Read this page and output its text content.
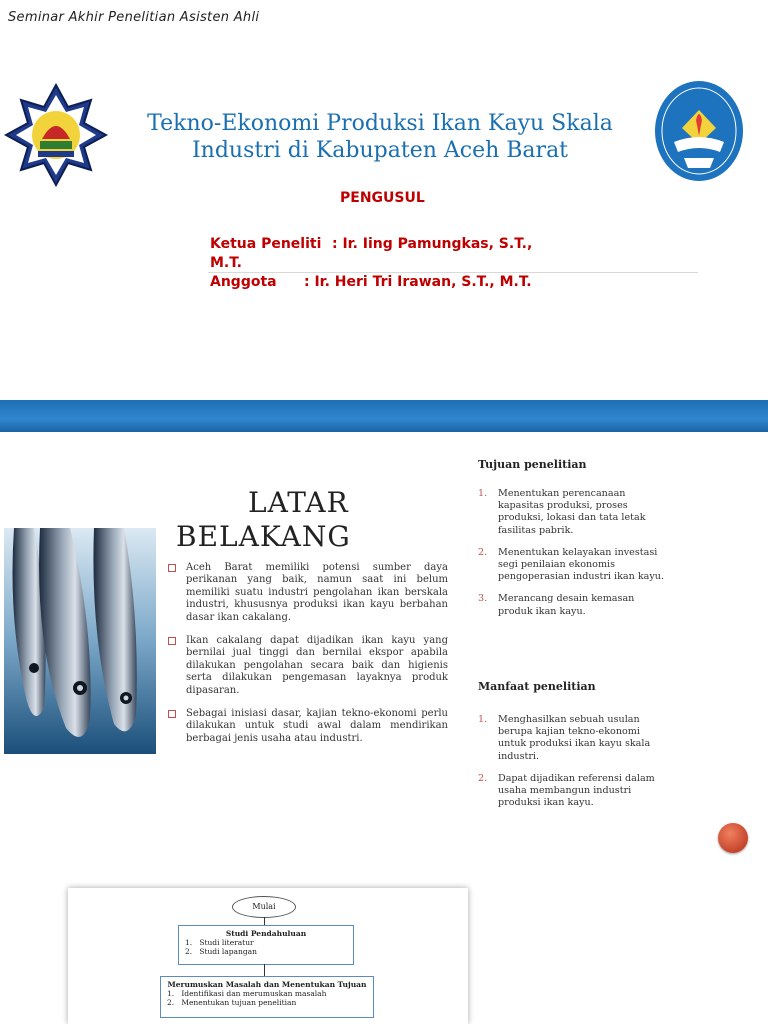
Seminar Akhir Penelitian Asisten Ahli
Tekno-Ekonomi Produksi Ikan Kayu Skala
Industri di Kabupaten Aceh Barat
PENGUSUL
Ketua Peneliti : Ir. Iing Pamungkas, S.T.,
M.T.
Anggota : Ir. Heri Tri Irawan, S.T., M.T.
LATAR
BELAKANG
Aceh Barat memiliki potensi sumber daya perikanan yang baik, namun saat ini belum memiliki suatu industri pengolahan ikan berskala industri, khususnya produksi ikan kayu berbahan dasar ikan cakalang.
Ikan cakalang dapat dijadikan ikan kayu yang bernilai jual tinggi dan bernilai ekspor apabila dilakukan pengolahan secara baik dan higienis serta dilakukan pengemasan layaknya produk dipasaran.
Sebagai inisiasi dasar, kajian tekno-ekonomi perlu dilakukan untuk studi awal dalam mendirikan berbagai jenis usaha atau industri.
Tujuan penelitian
1. Menentukan perencanaan kapasitas produksi, proses produksi, lokasi dan tata letak fasilitas pabrik.
2. Menentukan kelayakan investasi segi penilaian ekonomis pengoperasian industri ikan kayu.
3. Merancang desain kemasan produk ikan kayu.
Manfaat penelitian
1. Menghasilkan sebuah usulan berupa kajian tekno-ekonomi untuk produksi ikan kayu skala industri.
2. Dapat dijadikan referensi dalam usaha membangun industri produksi ikan kayu.
Mulai
Studi Pendahuluan
1.   Studi literatur
2.   Studi lapangan
Merumuskan Masalah dan Menentukan Tujuan
1.   Identifikasi dan merumuskan masalah
2.   Menentukan tujuan penelitian
